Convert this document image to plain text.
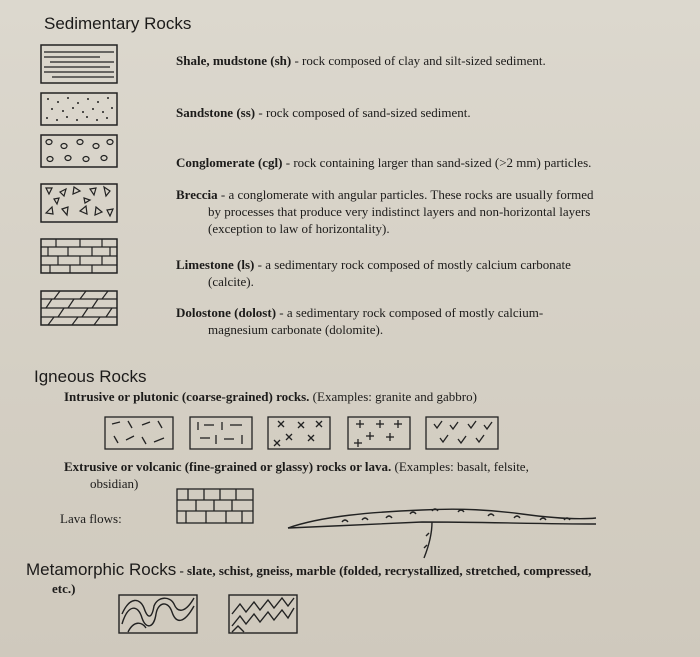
Sedimentary Rocks
Shale, mudstone (sh) - rock composed of clay and silt-sized sediment.
Sandstone (ss) - rock composed of sand-sized sediment.
Conglomerate (cgl) - rock containing larger than sand-sized (>2 mm) particles.
Breccia - a conglomerate with angular particles. These rocks are usually formed
by processes that produce very indistinct layers and non-horizontal layers
(exception to law of horizontality).
Limestone (ls) - a sedimentary rock composed of mostly calcium carbonate
(calcite).
Dolostone (dolost) - a sedimentary rock composed of mostly calcium-
magnesium carbonate (dolomite).
Igneous Rocks
Intrusive or plutonic (coarse-grained) rocks. (Examples: granite and gabbro)
Extrusive or volcanic (fine-grained or glassy) rocks or lava. (Examples: basalt, felsite,
obsidian)
Lava flows:
Metamorphic Rocks - slate, schist, gneiss, marble (folded, recrystallized, stretched, compressed,
etc.)
